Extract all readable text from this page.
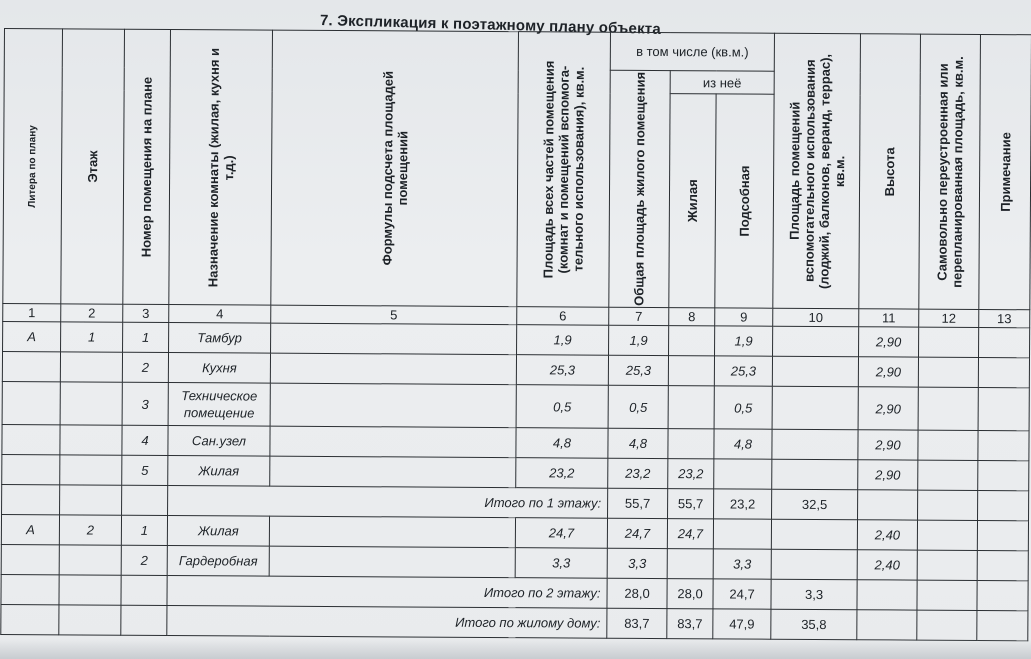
7. Экспликация к поэтажному плану объекта
Литера по плану	Этаж	Номер помещения на плане	Назначение комнаты (жилая, кухня и т.д.)	Формулы подсчета площадей помещений	Площадь всех частей помещения (комнат и помещений вспомога-тельного использования), кв.м.	в том числе (кв.м.)			Площадь помещений вспомогательного использования (лоджий, балконов, веранд, террас), кв.м.	Высота	Самовольно переустроенная или перепланированная площадь, кв.м.	Примечание

						Общая площадь жилого помещения	из неё					

							Жилая	Подсобная				

1	2	3	4	5	6	7	8	9	10	11	12	13
А	1	1	Тамбур		1,9	1,9		1,9		2,90		
		2	Кухня		25,3	25,3		25,3		2,90		
		3	Техническое помещение		0,5	0,5		0,5		2,90		
		4	Сан.узел		4,8	4,8		4,8		2,90		
		5	Жилая		23,2	23,2	23,2			2,90		
			Итого по 1 этажу:			55,7	55,7	23,2	32,5			
А	2	1	Жилая		24,7	24,7	24,7			2,40		
		2	Гардеробная		3,3	3,3		3,3		2,40		
			Итого по 2 этажу:			28,0	28,0	24,7	3,3			
			Итого по жилому дому:			83,7	83,7	47,9	35,8			
